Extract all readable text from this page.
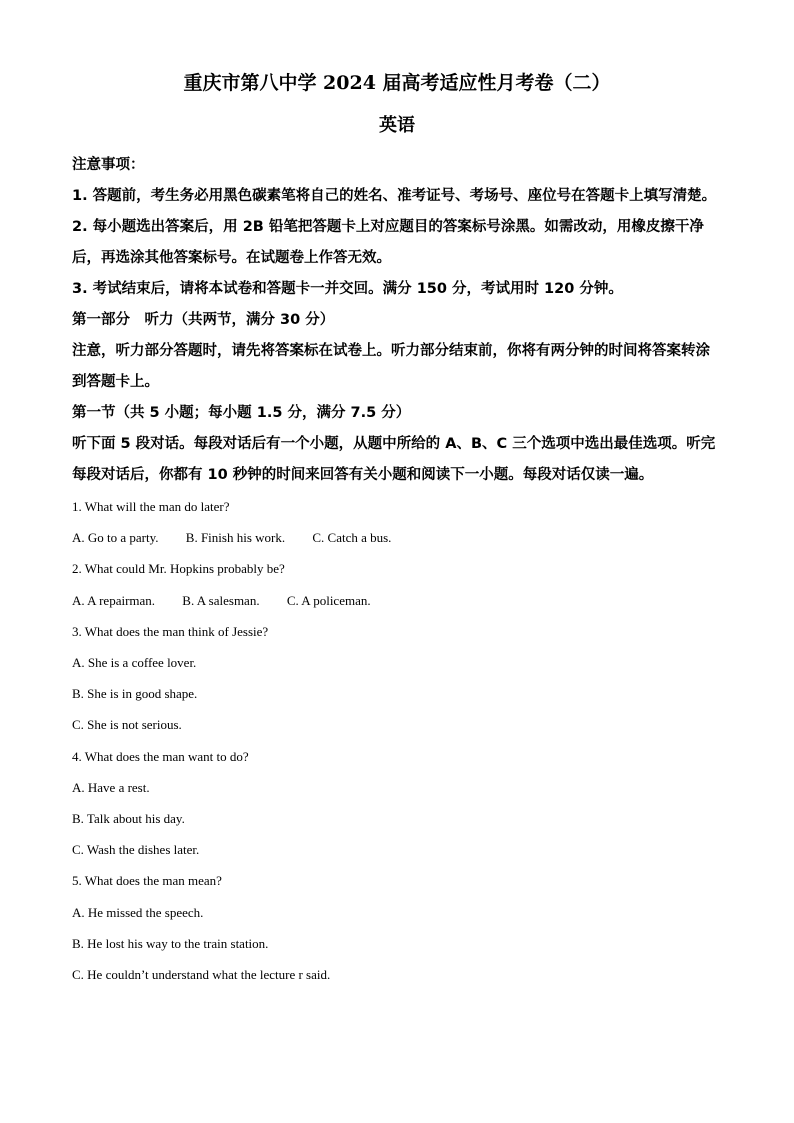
重庆市第八中学 2024 届高考适应性月考卷（二）
英语

注意事项：

1. 答题前，考生务必用黑色碳素笔将自己的姓名、准考证号、考场号、座位号在答题卡上填写清楚。

2. 每小题选出答案后，用 2B 铅笔把答题卡上对应题目的答案标号涂黑。如需改动，用橡皮擦干净后，再选涂其他答案标号。在试题卷上作答无效。

3. 考试结束后，请将本试卷和答题卡一并交回。满分 150 分，考试用时 120 分钟。

第一部分　听力（共两节，满分 30 分）

注意，听力部分答题时，请先将答案标在试卷上。听力部分结束前，你将有两分钟的时间将答案转涂到答题卡上。

第一节（共 5 小题；每小题 1.5 分，满分 7.5 分）

听下面 5 段对话。每段对话后有一个小题，从题中所给的 A、B、C 三个选项中选出最佳选项。听完每段对话后，你都有 10 秒钟的时间来回答有关小题和阅读下一小题。每段对话仅读一遍。

1. What will the man do later?

A. Go to a party. B. Finish his work. C. Catch a bus.

2. What could Mr. Hopkins probably be?

A. A repairman. B. A salesman. C. A policeman.

3. What does the man think of Jessie?

A. She is a coffee lover.

B. She is in good shape.

C. She is not serious.

4. What does the man want to do?

A. Have a rest.

B. Talk about his day.

C. Wash the dishes later.

5. What does the man mean?

A. He missed the speech.

B. He lost his way to the train station.

C. He couldn’t understand what the lecture r said.
